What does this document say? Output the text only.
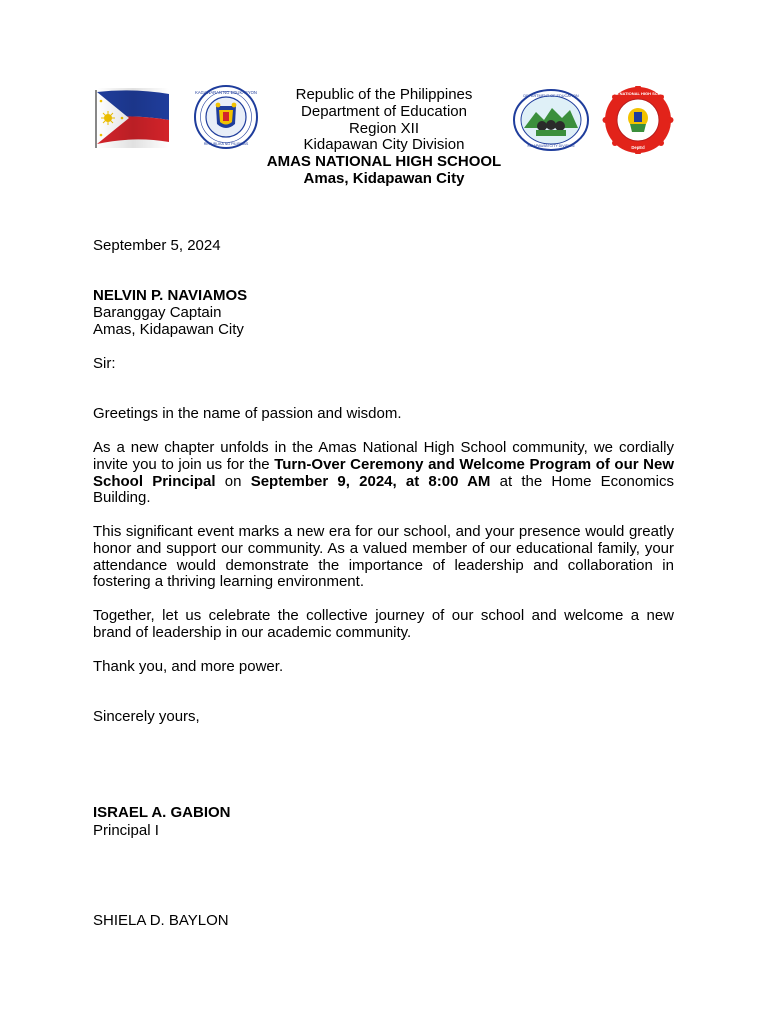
KAGAWARAN NG EDUKASYON
REPUBLIKA NG PILIPINAS
Republic of the Philippines
Department of Education
Region XII
Kidapawan City Division
AMAS NATIONAL HIGH SCHOOL
Amas, Kidapawan City
DEPARTMENT OF EDUCATION
KIDAPAWAN CITY DIVISION
AMAS NATIONAL HIGH SCHOOL
DepEd
September 5, 2024
NELVIN P. NAVIAMOS
Baranggay Captain
Amas, Kidapawan City
Sir:
Greetings in the name of passion and wisdom.
As a new chapter unfolds in the Amas National High School community, we cordially invite you to join us for the Turn-Over Ceremony and Welcome Program of our New School Principal on September 9, 2024, at 8:00 AM at the Home Economics Building.
This significant event marks a new era for our school, and your presence would greatly honor and support our community. As a valued member of our educational family, your attendance would demonstrate the importance of leadership and collaboration in fostering a thriving learning environment.
Together, let us celebrate the collective journey of our school and welcome a new brand of leadership in our academic community.
Thank you, and more power.
Sincerely yours,
ISRAEL A. GABION
Principal I
SHIELA D. BAYLON
